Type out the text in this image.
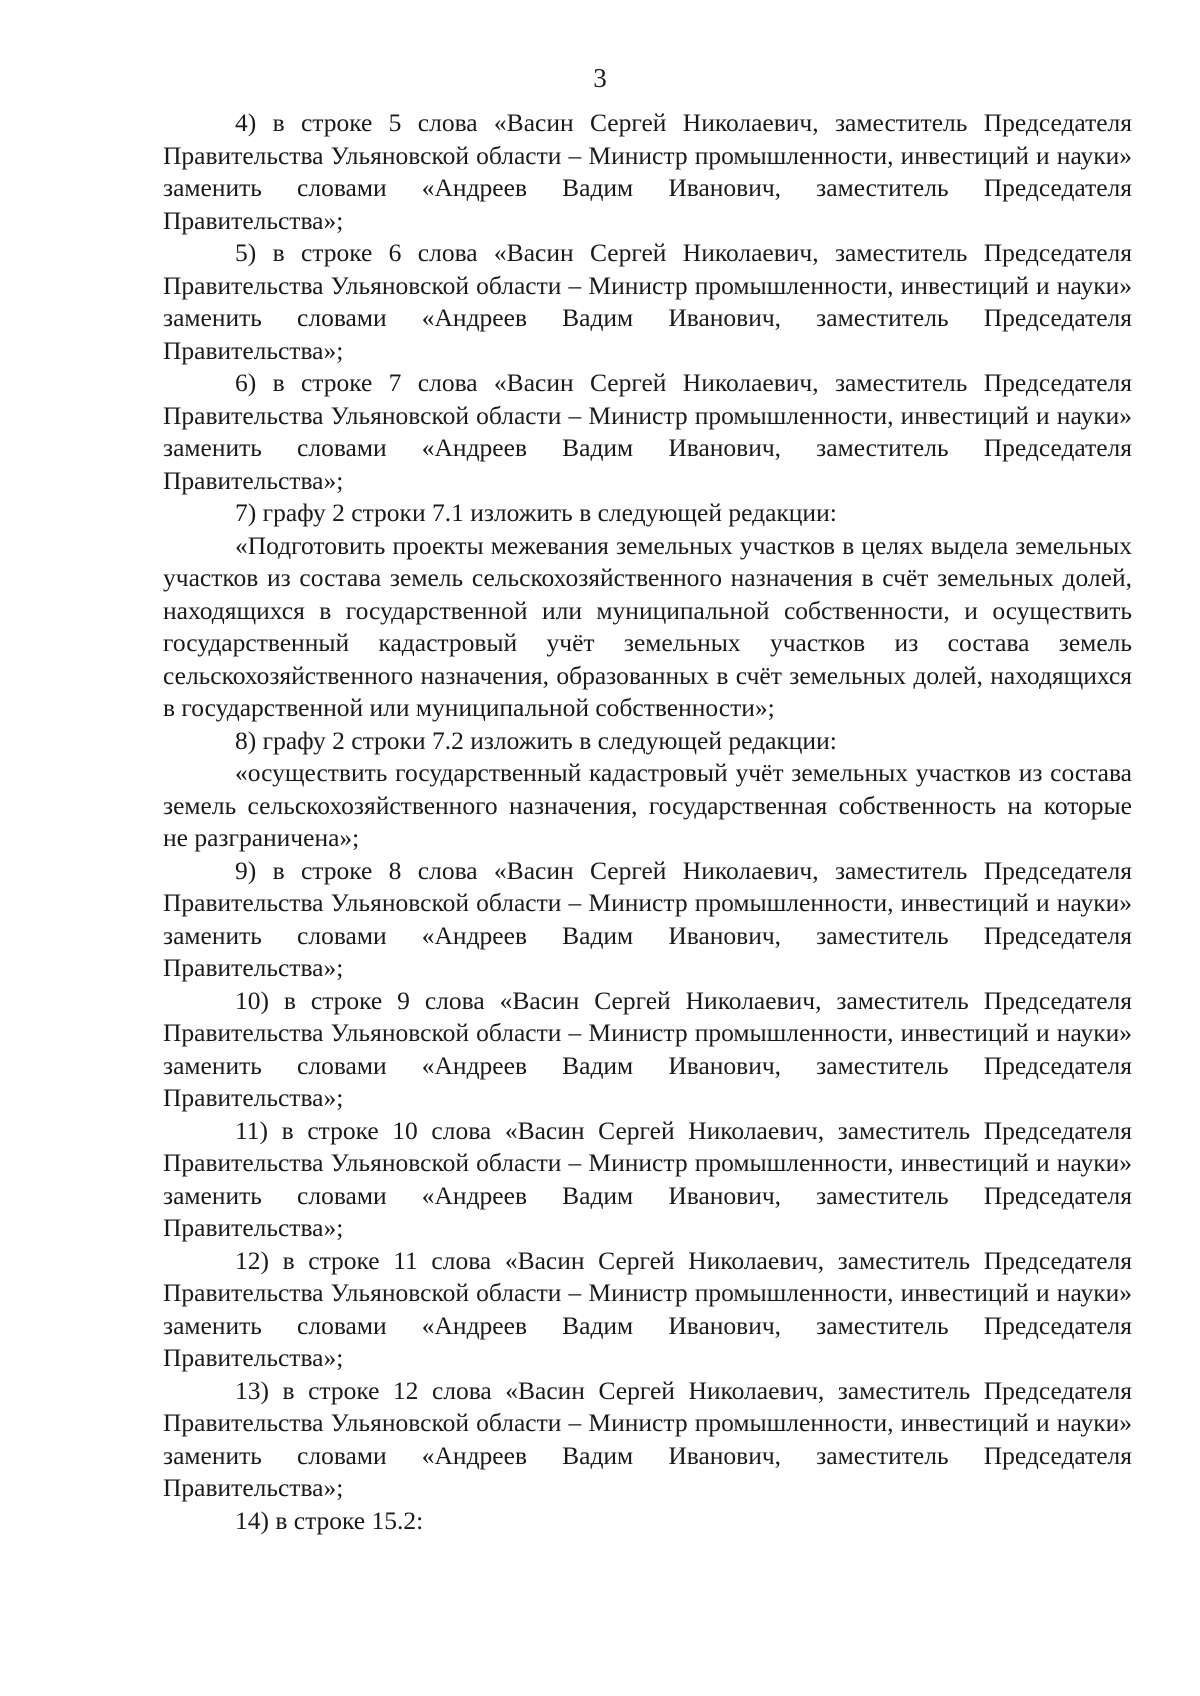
3

4) в строке 5 слова «Васин Сергей Николаевич, заместитель Председателя Правительства Ульяновской области – Министр промышленности, инвестиций и науки» заменить словами «Андреев Вадим Иванович, заместитель Председателя Правительства»;

5) в строке 6 слова «Васин Сергей Николаевич, заместитель Председателя Правительства Ульяновской области – Министр промышленности, инвестиций и науки» заменить словами «Андреев Вадим Иванович, заместитель Председателя Правительства»;

6) в строке 7 слова «Васин Сергей Николаевич, заместитель Председателя Правительства Ульяновской области – Министр промышленности, инвестиций и науки» заменить словами «Андреев Вадим Иванович, заместитель Председателя Правительства»;

7) графу 2 строки 7.1 изложить в следующей редакции:

«Подготовить проекты межевания земельных участков в целях выдела земельных участков из состава земель сельскохозяйственного назначения в счёт земельных долей, находящихся в государственной или муниципальной собственности, и осуществить государственный кадастровый учёт земельных участков из состава земель сельскохозяйственного назначения, образованных в счёт земельных долей, находящихся в государственной или муниципальной собственности»;

8) графу 2 строки 7.2 изложить в следующей редакции:

«осуществить государственный кадастровый учёт земельных участков из состава земель сельскохозяйственного назначения, государственная собственность на которые не разграничена»;

9) в строке 8 слова «Васин Сергей Николаевич, заместитель Председателя Правительства Ульяновской области – Министр промышленности, инвестиций и науки» заменить словами «Андреев Вадим Иванович, заместитель Председателя Правительства»;

10) в строке 9 слова «Васин Сергей Николаевич, заместитель Председателя Правительства Ульяновской области – Министр промышленности, инвестиций и науки» заменить словами «Андреев Вадим Иванович, заместитель Председателя Правительства»;

11) в строке 10 слова «Васин Сергей Николаевич, заместитель Председателя Правительства Ульяновской области – Министр промышленности, инвестиций и науки» заменить словами «Андреев Вадим Иванович, заместитель Председателя Правительства»;

12) в строке 11 слова «Васин Сергей Николаевич, заместитель Председателя Правительства Ульяновской области – Министр промышленности, инвестиций и науки» заменить словами «Андреев Вадим Иванович, заместитель Председателя Правительства»;

13) в строке 12 слова «Васин Сергей Николаевич, заместитель Председателя Правительства Ульяновской области – Министр промышленности, инвестиций и науки» заменить словами «Андреев Вадим Иванович, заместитель Председателя Правительства»;

14) в строке 15.2:
